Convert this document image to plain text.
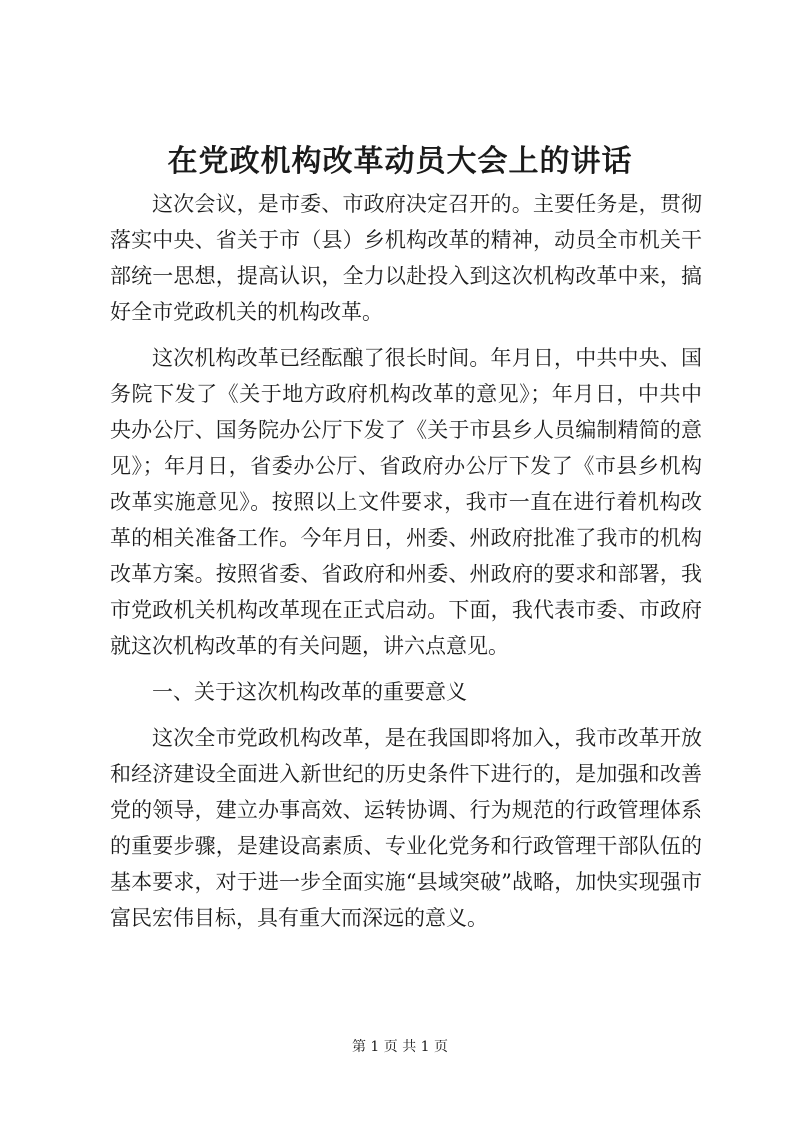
在党政机构改革动员大会上的讲话

这次会议，是市委、市政府决定召开的。主要任务是，贯彻落实中央、省关于市（县）乡机构改革的精神，动员全市机关干部统一思想，提高认识，全力以赴投入到这次机构改革中来，搞好全市党政机关的机构改革。

这次机构改革已经酝酿了很长时间。年月日，中共中央、国务院下发了《关于地方政府机构改革的意见》；年月日，中共中央办公厅、国务院办公厅下发了《关于市县乡人员编制精简的意见》；年月日，省委办公厅、省政府办公厅下发了《市县乡机构改革实施意见》。按照以上文件要求，我市一直在进行着机构改革的相关准备工作。今年月日，州委、州政府批准了我市的机构改革方案。按照省委、省政府和州委、州政府的要求和部署，我市党政机关机构改革现在正式启动。下面，我代表市委、市政府就这次机构改革的有关问题，讲六点意见。

一、关于这次机构改革的重要意义

这次全市党政机构改革，是在我国即将加入，我市改革开放和经济建设全面进入新世纪的历史条件下进行的，是加强和改善党的领导，建立办事高效、运转协调、行为规范的行政管理体系的重要步骤，是建设高素质、专业化党务和行政管理干部队伍的基本要求，对于进一步全面实施“县域突破”战略，加快实现强市富民宏伟目标，具有重大而深远的意义。

第 1 页 共 1 页
